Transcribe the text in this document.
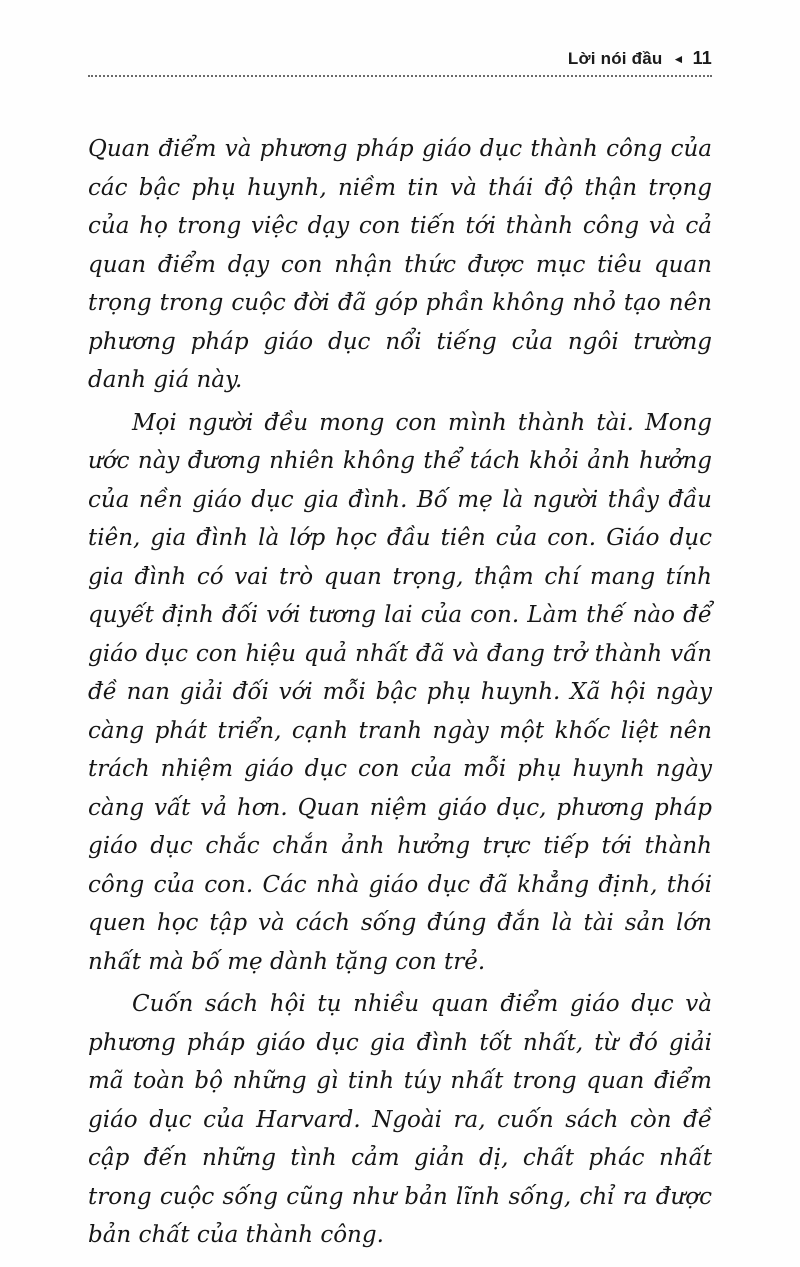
Lời nói đầu ◄ 11

Quan điểm và phương pháp giáo dục thành công của các bậc phụ huynh, niềm tin và thái độ thận trọng của họ trong việc dạy con tiến tới thành công và cả quan điểm dạy con nhận thức được mục tiêu quan trọng trong cuộc đời đã góp phần không nhỏ tạo nên phương pháp giáo dục nổi tiếng của ngôi trường danh giá này.

Mọi người đều mong con mình thành tài. Mong ước này đương nhiên không thể tách khỏi ảnh hưởng của nền giáo dục gia đình. Bố mẹ là người thầy đầu tiên, gia đình là lớp học đầu tiên của con. Giáo dục gia đình có vai trò quan trọng, thậm chí mang tính quyết định đối với tương lai của con. Làm thế nào để giáo dục con hiệu quả nhất đã và đang trở thành vấn đề nan giải đối với mỗi bậc phụ huynh. Xã hội ngày càng phát triển, cạnh tranh ngày một khốc liệt nên trách nhiệm giáo dục con của mỗi phụ huynh ngày càng vất vả hơn. Quan niệm giáo dục, phương pháp giáo dục chắc chắn ảnh hưởng trực tiếp tới thành công của con. Các nhà giáo dục đã khẳng định, thói quen học tập và cách sống đúng đắn là tài sản lớn nhất mà bố mẹ dành tặng con trẻ.

Cuốn sách hội tụ nhiều quan điểm giáo dục và phương pháp giáo dục gia đình tốt nhất, từ đó giải mã toàn bộ những gì tinh túy nhất trong quan điểm giáo dục của Harvard. Ngoài ra, cuốn sách còn đề cập đến những tình cảm giản dị, chất phác nhất trong cuộc sống cũng như bản lĩnh sống, chỉ ra được bản chất của thành công.
